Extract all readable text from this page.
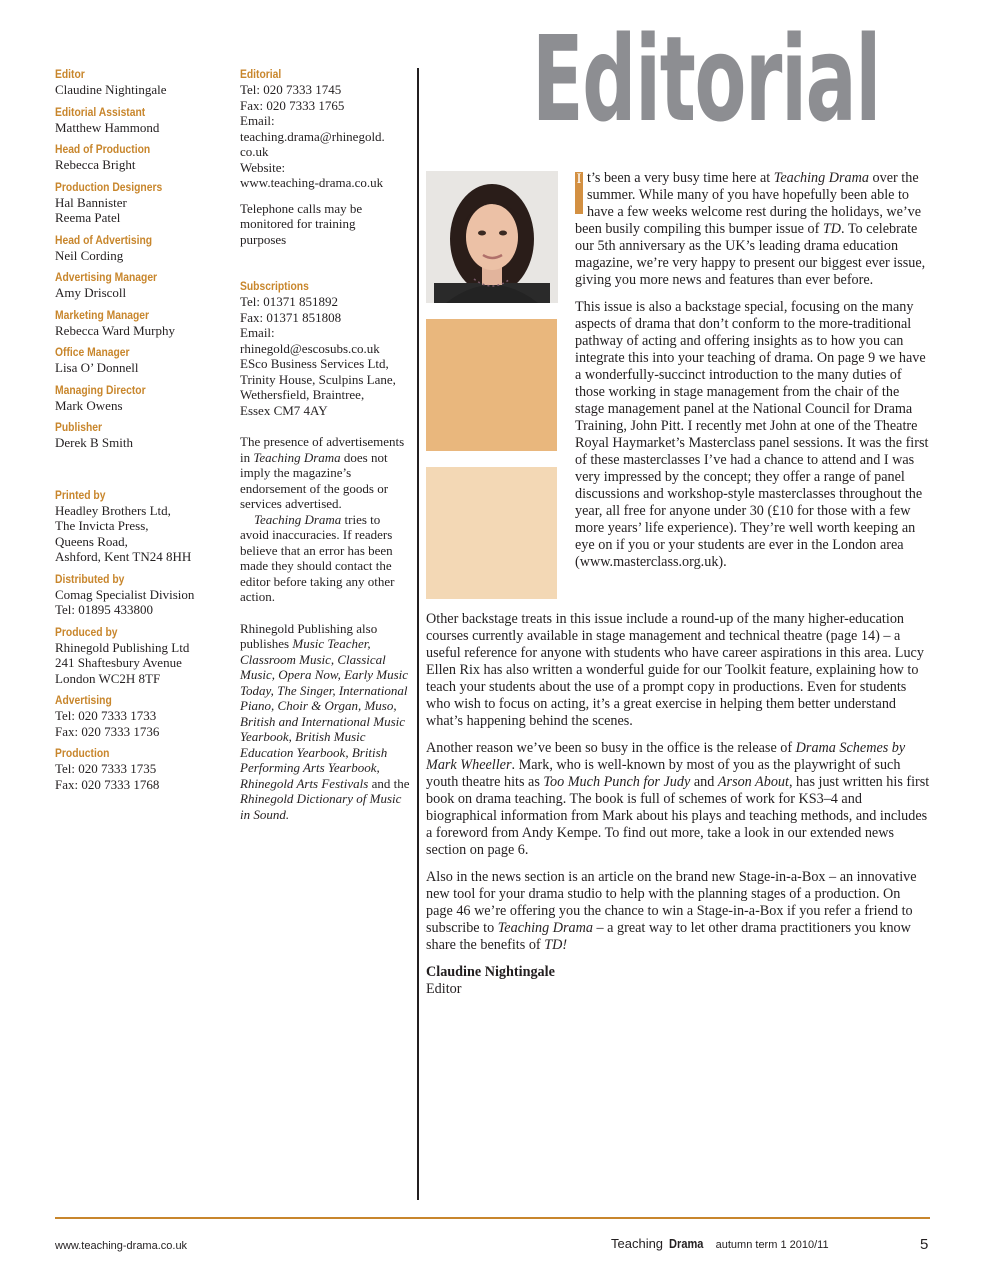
Editorial
Editor
Claudine Nightingale
Editorial Assistant
Matthew Hammond
Head of Production
Rebecca Bright
Production Designers
Hal Bannister
Reema Patel
Head of Advertising
Neil Cording
Advertising Manager
Amy Driscoll
Marketing Manager
Rebecca Ward Murphy
Office Manager
Lisa O’ Donnell
Managing Director
Mark Owens
Publisher
Derek B Smith
Printed by
Headley Brothers Ltd,
The Invicta Press,
Queens Road,
Ashford, Kent TN24 8HH
Distributed by
Comag Specialist Division
Tel: 01895 433800
Produced by
Rhinegold Publishing Ltd
241 Shaftesbury Avenue
London WC2H 8TF
Advertising
Tel: 020 7333 1733
Fax: 020 7333 1736
Production
Tel: 020 7333 1735
Fax: 020 7333 1768
Editorial
Tel: 020 7333 1745
Fax: 020 7333 1765
Email:
teaching.drama@rhinegold.
co.uk
Website:
www.teaching-drama.co.uk
Telephone calls may be
monitored for training
purposes
Subscriptions
Tel: 01371 851892
Fax: 01371 851808
Email:
rhinegold@escosubs.co.uk
ESco Business Services Ltd,
Trinity House, Sculpins Lane,
Wethersfield, Braintree,
Essex CM7 4AY
The presence of advertisements in Teaching Drama does not imply the magazine’s endorsement of the goods or services advertised.
Teaching Drama tries to avoid inaccuracies. If readers believe that an error has been made they should contact the editor before taking any other action.
Rhinegold Publishing also publishes Music Teacher, Classroom Music, Classical Music, Opera Now, Early Music Today, The Singer, International Piano, Choir & Organ, Muso, British and International Music Yearbook, British Music Education Yearbook, British Performing Arts Yearbook, Rhinegold Arts Festivals and the Rhinegold Dictionary of Music in Sound.

I t’s been a very busy time here at Teaching Drama over the summer. While many of you have hopefully been able to have a few weeks welcome rest during the holidays, we’ve been busily compiling this bumper issue of TD. To celebrate our 5th anniversary as the UK’s leading drama education magazine, we’re very happy to present our biggest ever issue, giving you more news and features than ever before.

This issue is also a backstage special, focusing on the many aspects of drama that don’t conform to the more-traditional pathway of acting and offering insights as to how you can integrate this into your teaching of drama. On page 9 we have a wonderfully-succinct introduction to the many duties of those working in stage management from the chair of the stage management panel at the National Council for Drama Training, John Pitt. I recently met John at one of the Theatre Royal Haymarket’s Masterclass panel sessions. It was the first of these masterclasses I’ve had a chance to attend and I was very impressed by the concept; they offer a range of panel discussions and workshop-style masterclasses throughout the year, all free for anyone under 30 (£10 for those with a few more years’ life experience). They’re well worth keeping an eye on if you or your students are ever in the London area (www.masterclass.org.uk).

Other backstage treats in this issue include a round-up of the many higher-education courses currently available in stage management and technical theatre (page 14) – a useful reference for anyone with students who have career aspirations in this area. Lucy Ellen Rix has also written a wonderful guide for our Toolkit feature, explaining how to teach your students about the use of a prompt copy in productions. Even for students who wish to focus on acting, it’s a great exercise in helping them better understand what’s happening behind the scenes.

Another reason we’ve been so busy in the office is the release of Drama Schemes by Mark Wheeller. Mark, who is well-known by most of you as the playwright of such youth theatre hits as Too Much Punch for Judy and Arson About, has just written his first book on drama teaching. The book is full of schemes of work for KS3–4 and biographical information from Mark about his plays and teaching methods, and includes a foreword from Andy Kempe. To find out more, take a look in our extended news section on page 6.

Also in the news section is an article on the brand new Stage-in-a-Box – an innovative new tool for your drama studio to help with the planning stages of a production. On page 46 we’re offering you the chance to win a Stage-in-a-Box if you refer a friend to subscribe to Teaching Drama – a great way to let other drama practitioners you know share the benefits of TD!

Claudine Nightingale
Editor
www.teaching-drama.co.uk	Teaching Drama autumn term 1 2010/11	5
